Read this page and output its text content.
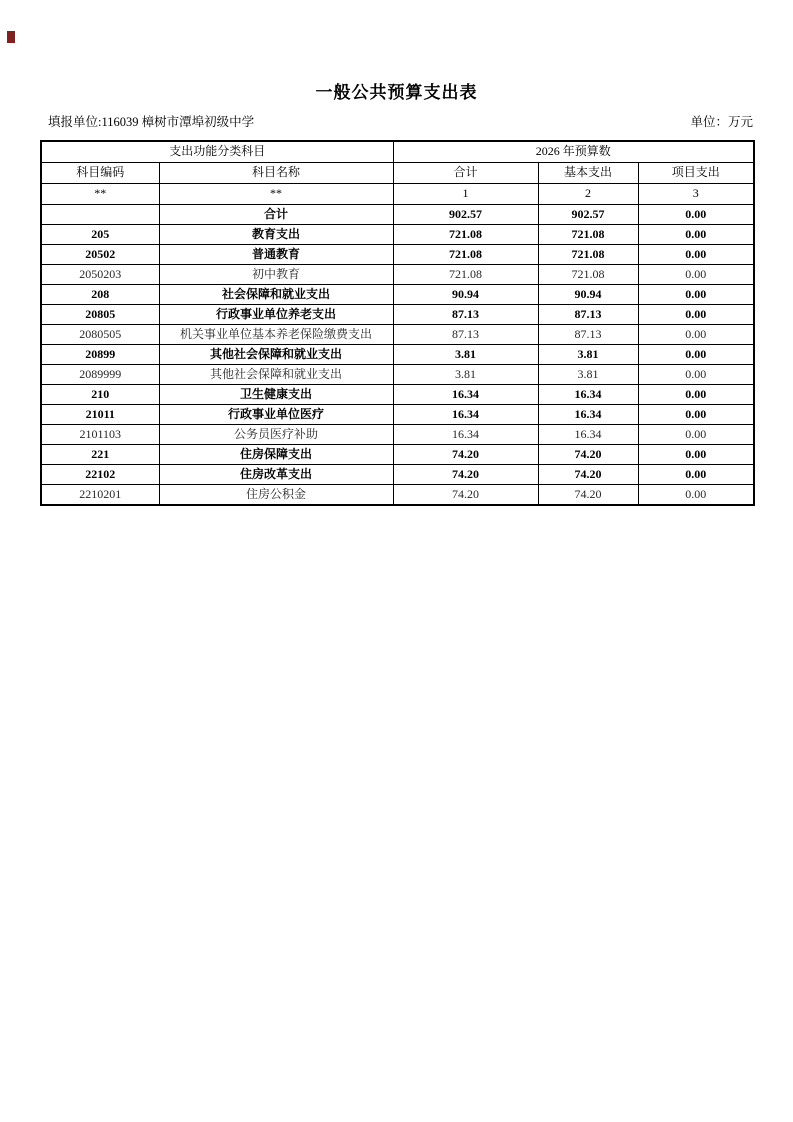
一般公共预算支出表
填报单位:116039 樟树市潭埠初级中学	单位：万元
支出功能分类科目		2026 年预算数		
科目编码	科目名称	合计	基本支出	项目支出
**	**	1	2	3
	合计	902.57	902.57	0.00
205	教育支出	721.08	721.08	0.00
20502	普通教育	721.08	721.08	0.00
2050203	初中教育	721.08	721.08	0.00
208	社会保障和就业支出	90.94	90.94	0.00
20805	行政事业单位养老支出	87.13	87.13	0.00
2080505	机关事业单位基本养老保险缴费支出	87.13	87.13	0.00
20899	其他社会保障和就业支出	3.81	3.81	0.00
2089999	其他社会保障和就业支出	3.81	3.81	0.00
210	卫生健康支出	16.34	16.34	0.00
21011	行政事业单位医疗	16.34	16.34	0.00
2101103	公务员医疗补助	16.34	16.34	0.00
221	住房保障支出	74.20	74.20	0.00
22102	住房改革支出	74.20	74.20	0.00
2210201	住房公积金	74.20	74.20	0.00
